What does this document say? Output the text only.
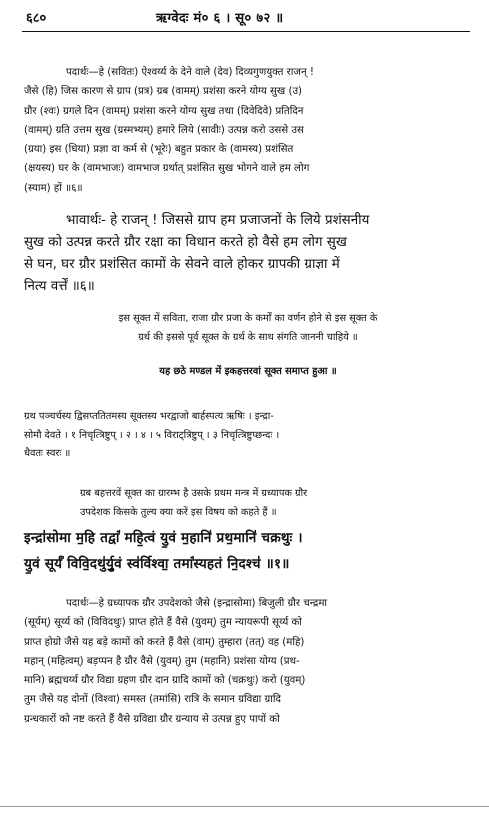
६८०	ऋग्वेदः मं० ६ । सू० ७२ ॥
पदार्थः—हे (सवितः) ऐश्वर्य्य के देने वाले (देव) दिव्यगुणयुक्त राजन् !
जैसे (हि) जिस कारण से ग्राप (प्रत्र) ग्रब (वामम्) प्रशंसा करने योग्य सुख (उ)
ग्रौर (श्वः) ग्रगले दिन (वामम्) प्रशंसा करने योग्य सुख तथा (दिवेदिवे) प्रतिदिन
(वामम्) ग्रति उत्तम सुख (ग्रस्मभ्यम्) हमारे लिये (सावीः) उत्पन्न करो उससे उस
(ग्रया) इस (धिया) प्रज्ञा वा कर्म से (भूरेः) बहुत प्रकार के (वामस्य) प्रशंसित
(क्षयस्य) घर के (वामभाजः) वामभाज ग्रर्थात् प्रशंसित सुख भोगने वाले हम लोग
(स्याम) हों ॥६॥
भावार्थः- हे राजन् ! जिससे ग्राप हम प्रजाजनों के लिये प्रशंसनीय
सुख को उत्पन्न करते ग्रौर रक्षा का विधान करते हो वैसे हम लोग सुख
से घन, घर ग्रौर प्रशंसित कामों के सेवने वाले होकर ग्रापकी ग्राज्ञा में
नित्य वर्त्तें ॥६॥
इस सूक्त में सविता, राजा ग्रौर प्रजा के कर्मों का वर्णन होने से इस सूक्त के
ग्रर्थ की इससे पूर्व सूक्त के ग्रर्थ के साथ संगति जाननी चाहिये ॥
यह छठे मण्डल में इकहत्तरवां सूक्त समाप्त हुआ ॥
ग्रथ पञ्चर्चस्य द्विसप्ततितमस्य सूक्तस्य भरद्वाजो बार्हस्पत्य ऋषिः । इन्द्रा-
सोमौ देवते । १ निचृत्त्रिष्टुप् । २ । ४ । ५ विराट्त्रिष्टुप् । ३ निचृत्त्रिष्टुप्छन्दः ।
धैवतः स्वरः ॥
ग्रब बहत्तरवें सूक्त का ग्रारम्भ है उसके प्रथम मन्त्र में ग्रध्यापक ग्रौर
उपदेशक किसके तुल्य क्या करें इस विषय को कहते हैं ॥
इन्द्रा॑सोमा म॒हि तद्वां॑ महि॒त्वं यु॒वं म॒हानि॑ प्रथ॒मानि॑ चक्रथुः ।
यु॒वं सूर्यं॑ विवि॒दथु॑र्यु॒वं स्व॑र्विश्वा॒ तमां॑स्यहतं नि॒दश्च॑ ॥१॥
पदार्थः—हे ग्रध्यापक ग्रौर उपदेशको जैसे (इन्द्रासोमा) बिजुली ग्रौर चन्द्रमा
(सूर्यम्) सूर्य्य को (विविदथुः) प्राप्त होते हैं वैसे (युवम्) तुम न्यायरूपी सूर्य्य को
प्राप्त होग्रो जैसे यह बड़े कामों को करते हैं वैसे (वाम्) तुम्हारा (तत्) वह (महि)
महान् (महित्वम्) बड़प्पन है ग्रौर वैसे (युवम्) तुम (महानि) प्रशंसा योग्य (प्रथ-
मानि) ब्रह्मचर्य्य ग्रौर विद्या ग्रहण ग्रौर दान ग्रादि कामों को (चक्रथुः) करो (युवम्)
तुम जैसे यह दोनों (विश्वा) समस्त (तमांसि) रात्रि के समान ग्रविद्या ग्रादि
ग्रन्धकारों को नष्ट करते हैं वैसे ग्रविद्या ग्रौर ग्रन्याय से उत्पन्न हुए पापों को
